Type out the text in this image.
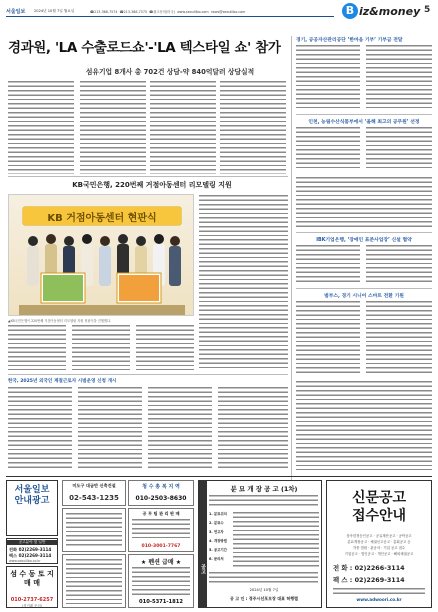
서울일보 2024년 10월 7일 월요일	☎213-368-7574 ☎213-368-7575 ☎광고문의(미국) www.seoulilbo.com news@seoulilbo.com	B iz&money 5
경과원, 'LA 수출로드쇼'-'LA 텍스타일 쇼' 참가
섬유기업 8개사 총 702건 상담-약 840억달러 상담실적
경기, 공공자산관리공단 ‘한마음 기부’ 기부금 전달
인천, 농림수산식품부에서 ‘올해 최고의 공무원’ 선정
KB국민은행, 220번째 거점아동센터 리모델링 지원
KB 거점아동센터 현판식
▲KB국민은행이 220번째 거점아동센터 리모델링 지원 현판식을 진행했다.
IBK기업은행, ‘장애인 표준사업장’ 신설 협약
범부스, 경기 시니어 스마트 전환 기원
한국, 2025년 외국인 계절근로자 시범운영 신청 개시
서울일보 안내광고
공고분야 및 일반
전화 02)2269-3114
팩스 02)2269-3114
www.seoulilbo.co.kr
섬 수 동 토 지 매 매
010-2737-6257
(직거래 문의)
미도구 대금반 신축건설
02-543-1235
청 수 총 복 지 역
010-2503-8630
공 무 팀 관 리 판 매
010-3001-7767
★ 펜션 급매 ★
010-5371-1812
공고
분 묘 개 장 공 고 (1차)
1. 분묘위치
2. 분묘수
3. 연고자
4. 개장방법
5. 공고기간
6. 문의처
2024년 10월 7일
공 고 인 : 경주시선포모장 대표 허행렬
신문공고
접수안내
상속한정승인공고 · 공유재산공고 · 공탁공고
분묘개장공고 · 채권신고공고 · 총회공고 등
각종 법원 · 관공서 · 기업 공고 접수
기업공고 · 법인공고 · 개인공고 · 해외채권공고
전 화 : 02)2266-3114
팩 스 : 02)2269-3114
www.adwoori.co.kr
